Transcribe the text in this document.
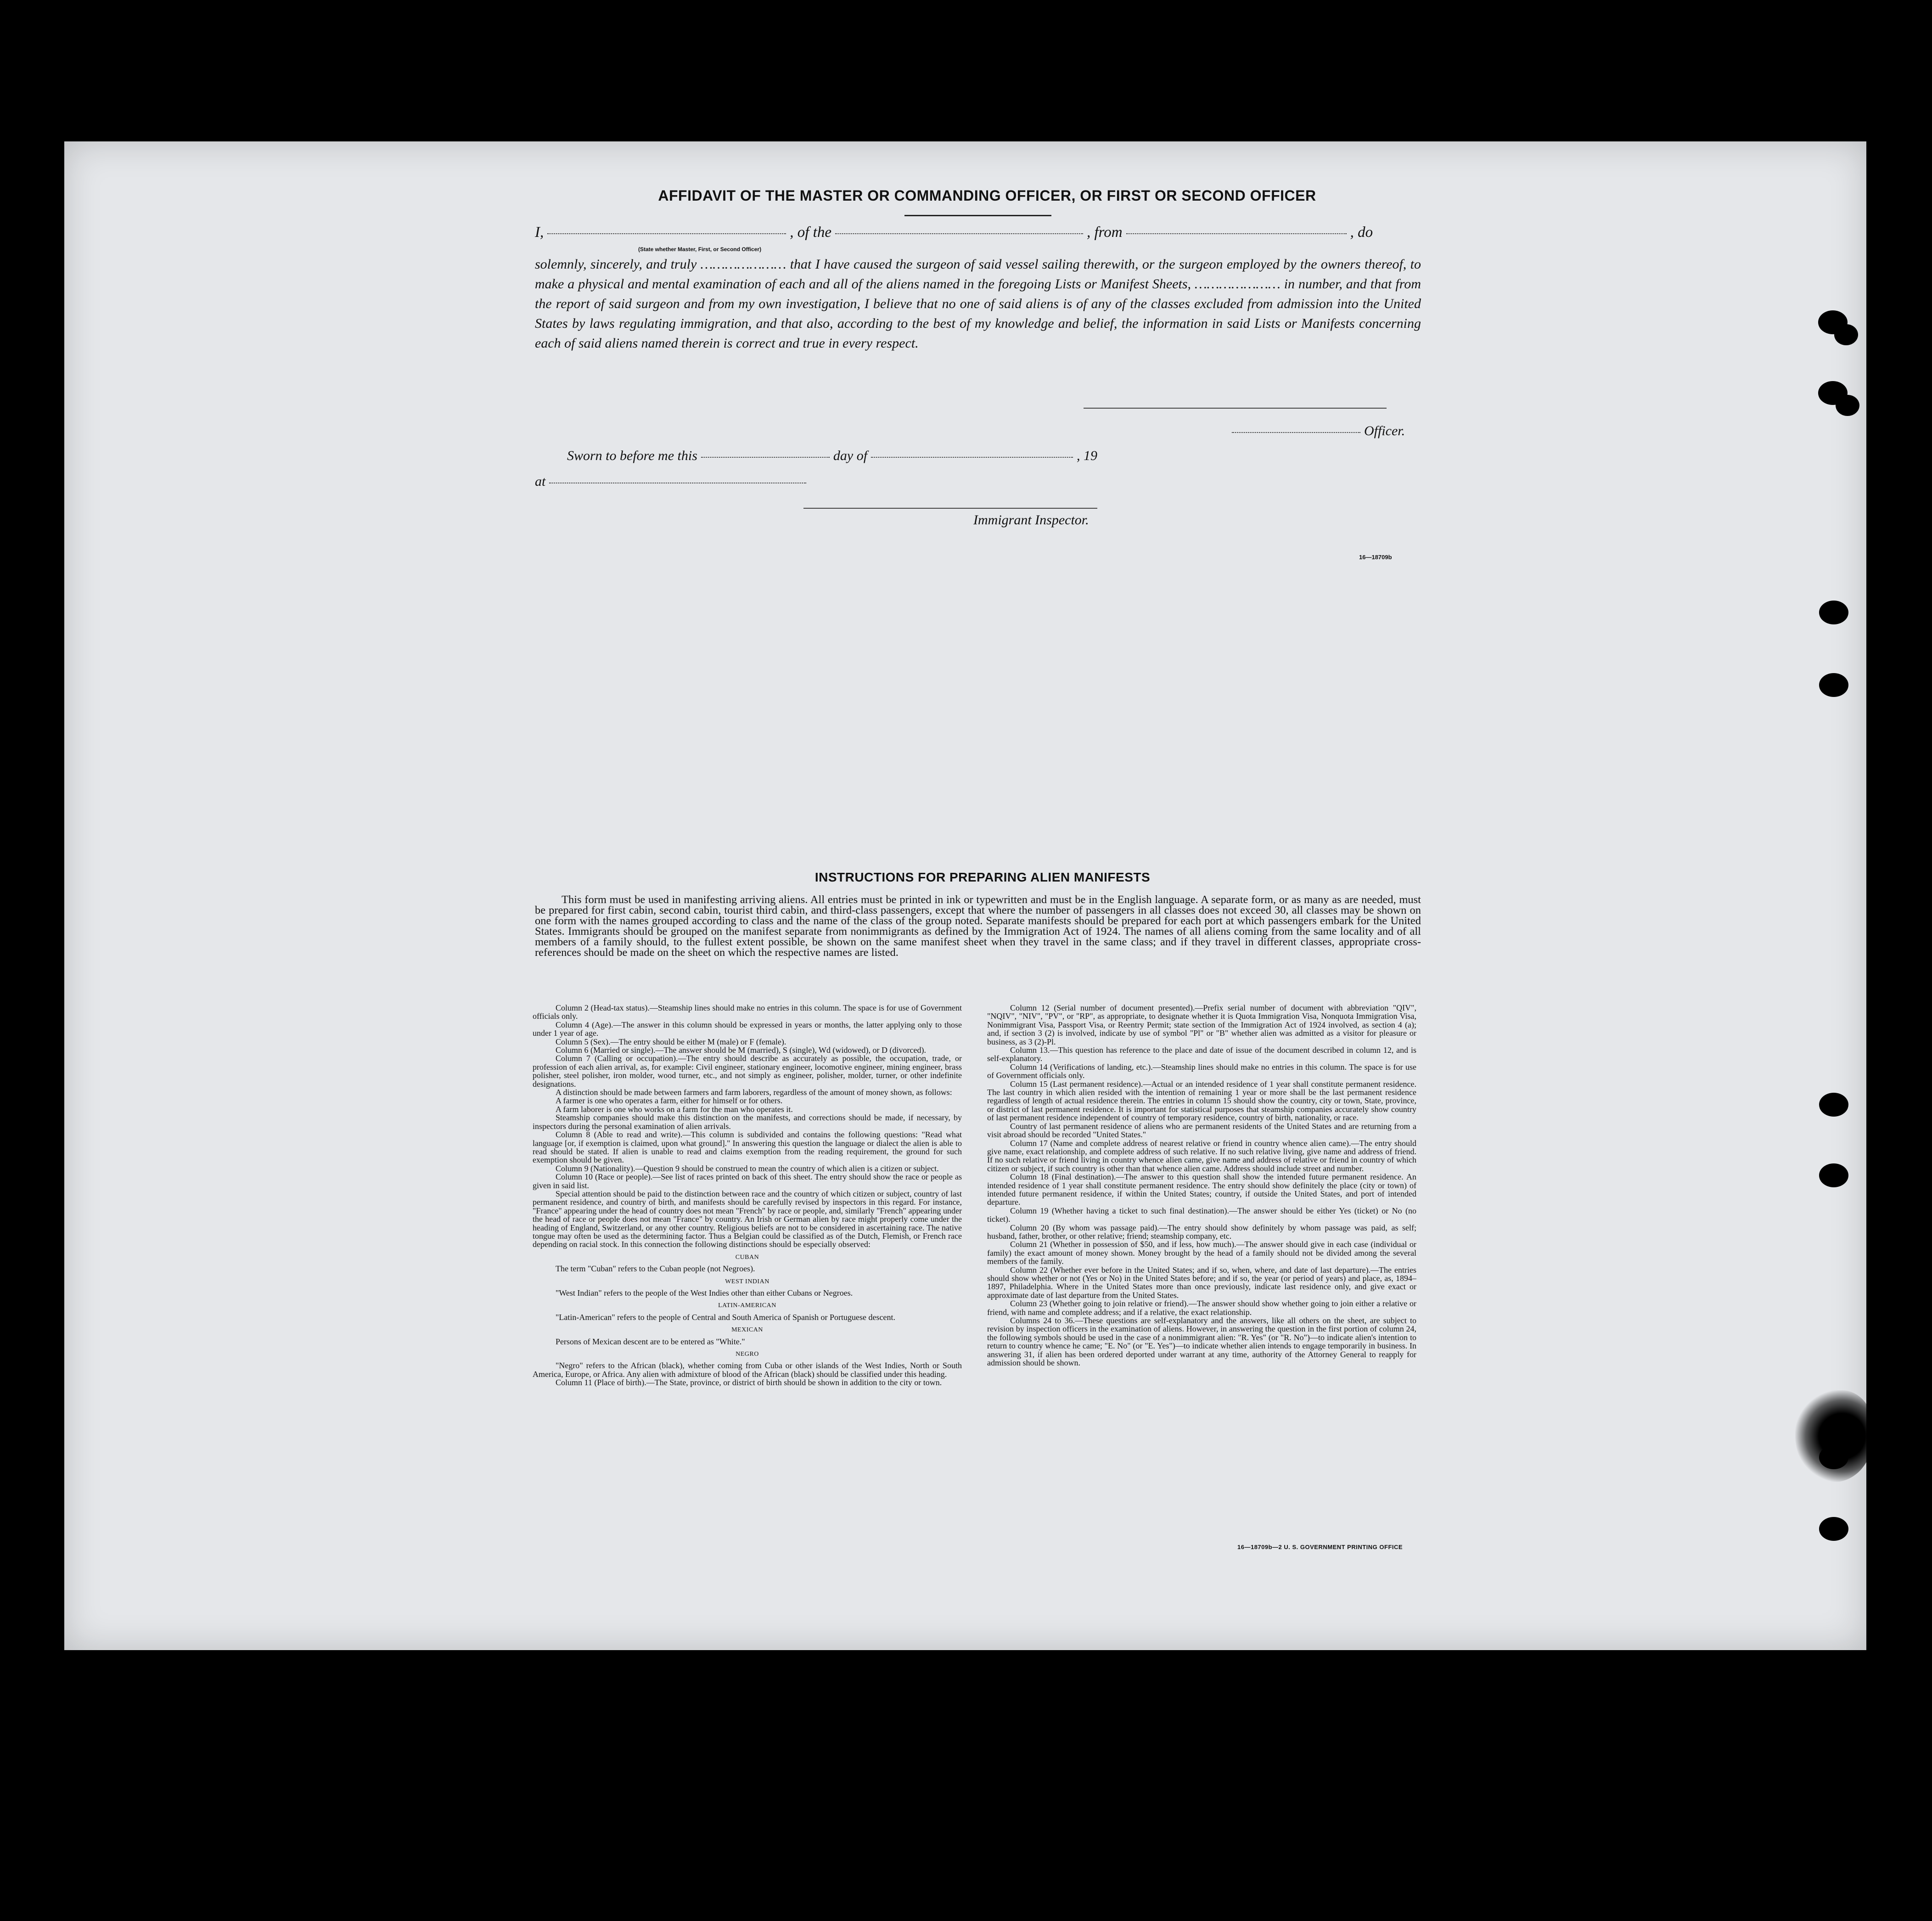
AFFIDAVIT OF THE MASTER OR COMMANDING OFFICER, OR FIRST OR SECOND OFFICER
I,	, of the	, from	, do
(State whether Master, First, or Second Officer)
solemnly, sincerely, and truly ………………… that I have caused the surgeon of said vessel sailing therewith, or the surgeon employed by the owners thereof, to make a physical and mental examination of each and all of the aliens named in the foregoing Lists or Manifest Sheets, ………………… in number, and that from the report of said surgeon and from my own investigation, I believe that no one of said aliens is of any of the classes excluded from admission into the United States by laws regulating immigration, and that also, according to the best of my knowledge and belief, the information in said Lists or Manifests concerning each of said aliens named therein is correct and true in every respect.
Officer.
Sworn to before me this	day of	, 19
at
Immigrant Inspector.
16—18709b
INSTRUCTIONS FOR PREPARING ALIEN MANIFESTS
This form must be used in manifesting arriving aliens. All entries must be printed in ink or typewritten and must be in the English language. A separate form, or as many as are needed, must be prepared for first cabin, second cabin, tourist third cabin, and third-class passengers, except that where the number of passengers in all classes does not exceed 30, all classes may be shown on one form with the names grouped according to class and the name of the class of the group noted. Separate manifests should be prepared for each port at which passengers embark for the United States. Immigrants should be grouped on the manifest separate from nonimmigrants as defined by the Immigration Act of 1924. The names of all aliens coming from the same locality and of all members of a family should, to the fullest extent possible, be shown on the same manifest sheet when they travel in the same class; and if they travel in different classes, appropriate cross-references should be made on the sheet on which the respective names are listed.

Column 2 (Head-tax status).—Steamship lines should make no entries in this column. The space is for use of Government officials only.

Column 4 (Age).—The answer in this column should be expressed in years or months, the latter applying only to those under 1 year of age.

Column 5 (Sex).—The entry should be either M (male) or F (female).

Column 6 (Married or single).—The answer should be M (married), S (single), Wd (widowed), or D (divorced).

Column 7 (Calling or occupation).—The entry should describe as accurately as possible, the occupation, trade, or profession of each alien arrival, as, for example: Civil engineer, stationary engineer, locomotive engineer, mining engineer, brass polisher, steel polisher, iron molder, wood turner, etc., and not simply as engineer, polisher, molder, turner, or other indefinite designations.

A distinction should be made between farmers and farm laborers, regardless of the amount of money shown, as follows:

A farmer is one who operates a farm, either for himself or for others.

A farm laborer is one who works on a farm for the man who operates it.

Steamship companies should make this distinction on the manifests, and corrections should be made, if necessary, by inspectors during the personal examination of alien arrivals.

Column 8 (Able to read and write).—This column is subdivided and contains the following questions: "Read what language [or, if exemption is claimed, upon what ground]." In answering this question the language or dialect the alien is able to read should be stated. If alien is unable to read and claims exemption from the reading requirement, the ground for such exemption should be given.

Column 9 (Nationality).—Question 9 should be construed to mean the country of which alien is a citizen or subject.

Column 10 (Race or people).—See list of races printed on back of this sheet. The entry should show the race or people as given in said list.

Special attention should be paid to the distinction between race and the country of which citizen or subject, country of last permanent residence, and country of birth, and manifests should be carefully revised by inspectors in this regard. For instance, "France" appearing under the head of country does not mean "French" by race or people, and, similarly "French" appearing under the head of race or people does not mean "France" by country. An Irish or German alien by race might properly come under the heading of England, Switzerland, or any other country. Religious beliefs are not to be considered in ascertaining race. The native tongue may often be used as the determining factor. Thus a Belgian could be classified as of the Dutch, Flemish, or French race depending on racial stock. In this connection the following distinctions should be especially observed:

CUBAN

The term "Cuban" refers to the Cuban people (not Negroes).

WEST INDIAN

"West Indian" refers to the people of the West Indies other than either Cubans or Negroes.

LATIN-AMERICAN

"Latin-American" refers to the people of Central and South America of Spanish or Portuguese descent.

MEXICAN

Persons of Mexican descent are to be entered as "White."

NEGRO

"Negro" refers to the African (black), whether coming from Cuba or other islands of the West Indies, North or South America, Europe, or Africa. Any alien with admixture of blood of the African (black) should be classified under this heading.

Column 11 (Place of birth).—The State, province, or district of birth should be shown in addition to the city or town.

Column 12 (Serial number of document presented).—Prefix serial number of document with abbreviation "QIV", "NQIV", "NIV", "PV", or "RP", as appropriate, to designate whether it is Quota Immigration Visa, Nonquota Immigration Visa, Nonimmigrant Visa, Passport Visa, or Reentry Permit; state section of the Immigration Act of 1924 involved, as section 4 (a); and, if section 3 (2) is involved, indicate by use of symbol "Pl" or "B" whether alien was admitted as a visitor for pleasure or business, as 3 (2)-Pl.

Column 13.—This question has reference to the place and date of issue of the document described in column 12, and is self-explanatory.

Column 14 (Verifications of landing, etc.).—Steamship lines should make no entries in this column. The space is for use of Government officials only.

Column 15 (Last permanent residence).—Actual or an intended residence of 1 year shall constitute permanent residence. The last country in which alien resided with the intention of remaining 1 year or more shall be the last permanent residence regardless of length of actual residence therein. The entries in column 15 should show the country, city or town, State, province, or district of last permanent residence. It is important for statistical purposes that steamship companies accurately show country of last permanent residence independent of country of temporary residence, country of birth, nationality, or race.

Country of last permanent residence of aliens who are permanent residents of the United States and are returning from a visit abroad should be recorded "United States."

Column 17 (Name and complete address of nearest relative or friend in country whence alien came).—The entry should give name, exact relationship, and complete address of such relative. If no such relative living, give name and address of friend. If no such relative or friend living in country whence alien came, give name and address of relative or friend in country of which citizen or subject, if such country is other than that whence alien came. Address should include street and number.

Column 18 (Final destination).—The answer to this question shall show the intended future permanent residence. An intended residence of 1 year shall constitute permanent residence. The entry should show definitely the place (city or town) of intended future permanent residence, if within the United States; country, if outside the United States, and port of intended departure.

Column 19 (Whether having a ticket to such final destination).—The answer should be either Yes (ticket) or No (no ticket).

Column 20 (By whom was passage paid).—The entry should show definitely by whom passage was paid, as self; husband, father, brother, or other relative; friend; steamship company, etc.

Column 21 (Whether in possession of $50, and if less, how much).—The answer should give in each case (individual or family) the exact amount of money shown. Money brought by the head of a family should not be divided among the several members of the family.

Column 22 (Whether ever before in the United States; and if so, when, where, and date of last departure).—The entries should show whether or not (Yes or No) in the United States before; and if so, the year (or period of years) and place, as, 1894–1897, Philadelphia. Where in the United States more than once previously, indicate last residence only, and give exact or approximate date of last departure from the United States.

Column 23 (Whether going to join relative or friend).—The answer should show whether going to join either a relative or friend, with name and complete address; and if a relative, the exact relationship.

Columns 24 to 36.—These questions are self-explanatory and the answers, like all others on the sheet, are subject to revision by inspection officers in the examination of aliens. However, in answering the question in the first portion of column 24, the following symbols should be used in the case of a nonimmigrant alien: "R. Yes" (or "R. No")—to indicate alien's intention to return to country whence he came; "E. No" (or "E. Yes")—to indicate whether alien intends to engage temporarily in business. In answering 31, if alien has been ordered deported under warrant at any time, authority of the Attorney General to reapply for admission should be shown.

16—18709b—2 U. S. GOVERNMENT PRINTING OFFICE
